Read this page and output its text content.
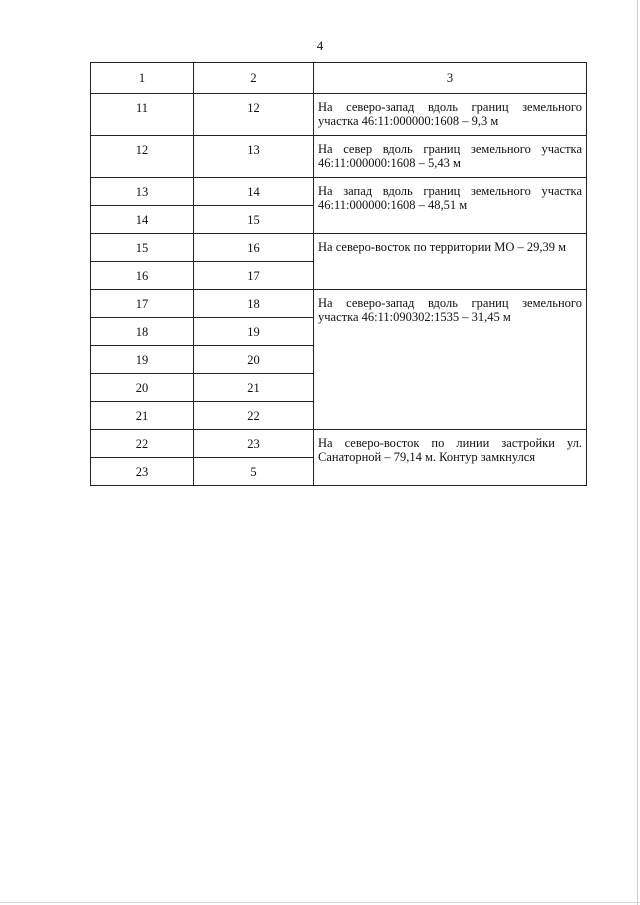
4
1	2	3
11	12	На северо-запад вдоль границ земельного участка 46:11:000000:1608 – 9,3 м

12	13	На север вдоль границ земельного участка 46:11:000000:1608 – 5,43 м

13	14	На запад вдоль границ земельного участка 46:11:000000:1608 – 48,51 м

14	15	
15	16	На северо-восток по территории МО – 29,39 м

16	17	
17	18	На северо-запад вдоль границ земельного участка 46:11:090302:1535 – 31,45 м

18	19	
19	20	
20	21	
21	22	
22	23	На северо-восток по линии застройки ул. Санаторной – 79,14 м. Контур замкнулся

23	5	
